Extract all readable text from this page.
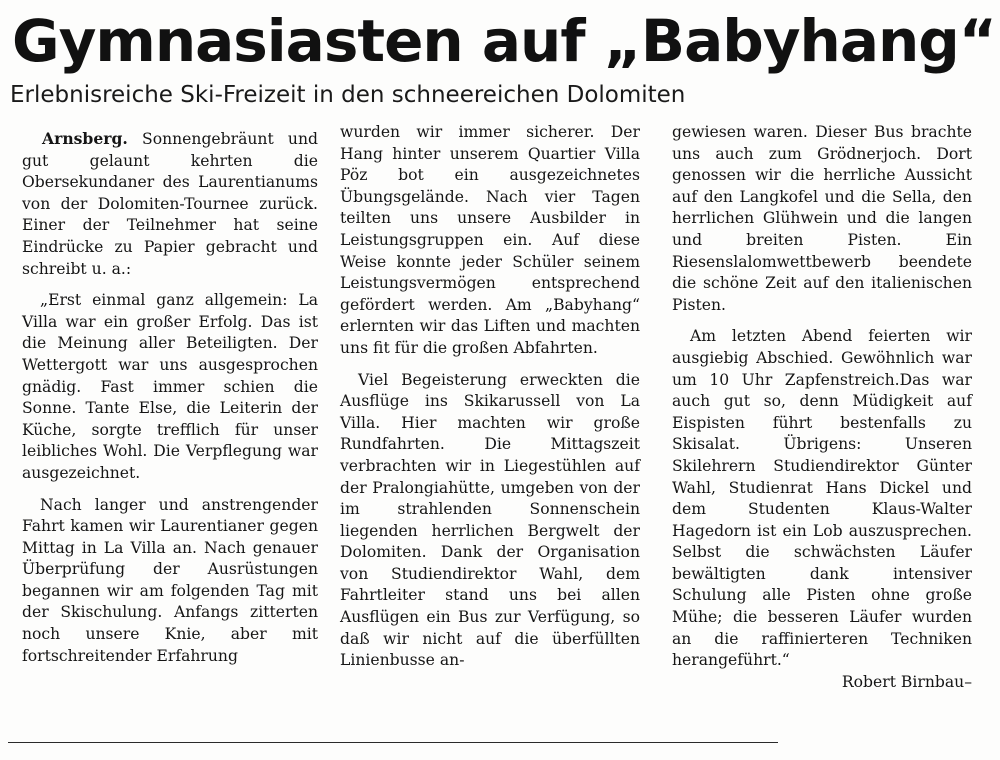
Gymnasiasten auf „Babyhang“
Erlebnisreiche Ski-Freizeit in den schneereichen Dolomiten

Arnsberg. Sonnengebräunt und gut gelaunt kehrten die Obersekundaner des Laurentianums von der Dolomiten-Tournee zurück. Einer der Teilnehmer hat seine Eindrücke zu Papier gebracht und schreibt u. a.:

„Erst einmal ganz allgemein: La Villa war ein großer Erfolg. Das ist die Meinung aller Beteiligten. Der Wettergott war uns ausgesprochen gnädig. Fast immer schien die Sonne. Tante Else, die Leiterin der Küche, sorgte trefflich für unser leibliches Wohl. Die Verpflegung war ausgezeichnet.

Nach langer und anstrengender Fahrt kamen wir Laurentianer gegen Mittag in La Villa an. Nach genauer Überprüfung der Ausrüstungen begannen wir am folgenden Tag mit der Skischulung. Anfangs zitterten noch unsere Knie, aber mit fortschreitender Erfahrung

wurden wir immer sicherer. Der Hang hinter unserem Quartier Villa Pöz bot ein ausgezeichnetes Übungsgelände. Nach vier Tagen teilten uns unsere Ausbilder in Leistungsgruppen ein. Auf diese Weise konnte jeder Schüler seinem Leistungsvermögen entsprechend gefördert werden. Am „Babyhang“ erlernten wir das Liften und machten uns fit für die großen Abfahrten.

Viel Begeisterung erweckten die Ausflüge ins Skikarussell von La Villa. Hier machten wir große Rundfahrten. Die Mittagszeit verbrachten wir in Liegestühlen auf der Pralongiahütte, umgeben von der im strahlenden Sonnenschein liegenden herrlichen Bergwelt der Dolomiten. Dank der Organisation von Studiendirektor Wahl, dem Fahrtleiter stand uns bei allen Ausflügen ein Bus zur Verfügung, so daß wir nicht auf die überfüllten Linienbusse an-

gewiesen waren. Dieser Bus brachte uns auch zum Grödnerjoch. Dort genossen wir die herrliche Aussicht auf den Langkofel und die Sella, den herrlichen Glühwein und die langen und breiten Pisten. Ein Riesenslalomwettbewerb beendete die schöne Zeit auf den italienischen Pisten.

Am letzten Abend feierten wir ausgiebig Abschied. Gewöhnlich war um 10 Uhr Zapfenstreich.Das war auch gut so, denn Müdigkeit auf Eispisten führt bestenfalls zu Skisalat. Übrigens: Unseren Skilehrern Studiendirektor Günter Wahl, Studienrat Hans Dickel und dem Studenten Klaus-Walter Hagedorn ist ein Lob auszusprechen. Selbst die schwächsten Läufer bewältigten dank intensiver Schulung alle Pisten ohne große Mühe; die besseren Läufer wurden an die raffinierteren Techniken herangeführt.“

Robert Birnbau–
